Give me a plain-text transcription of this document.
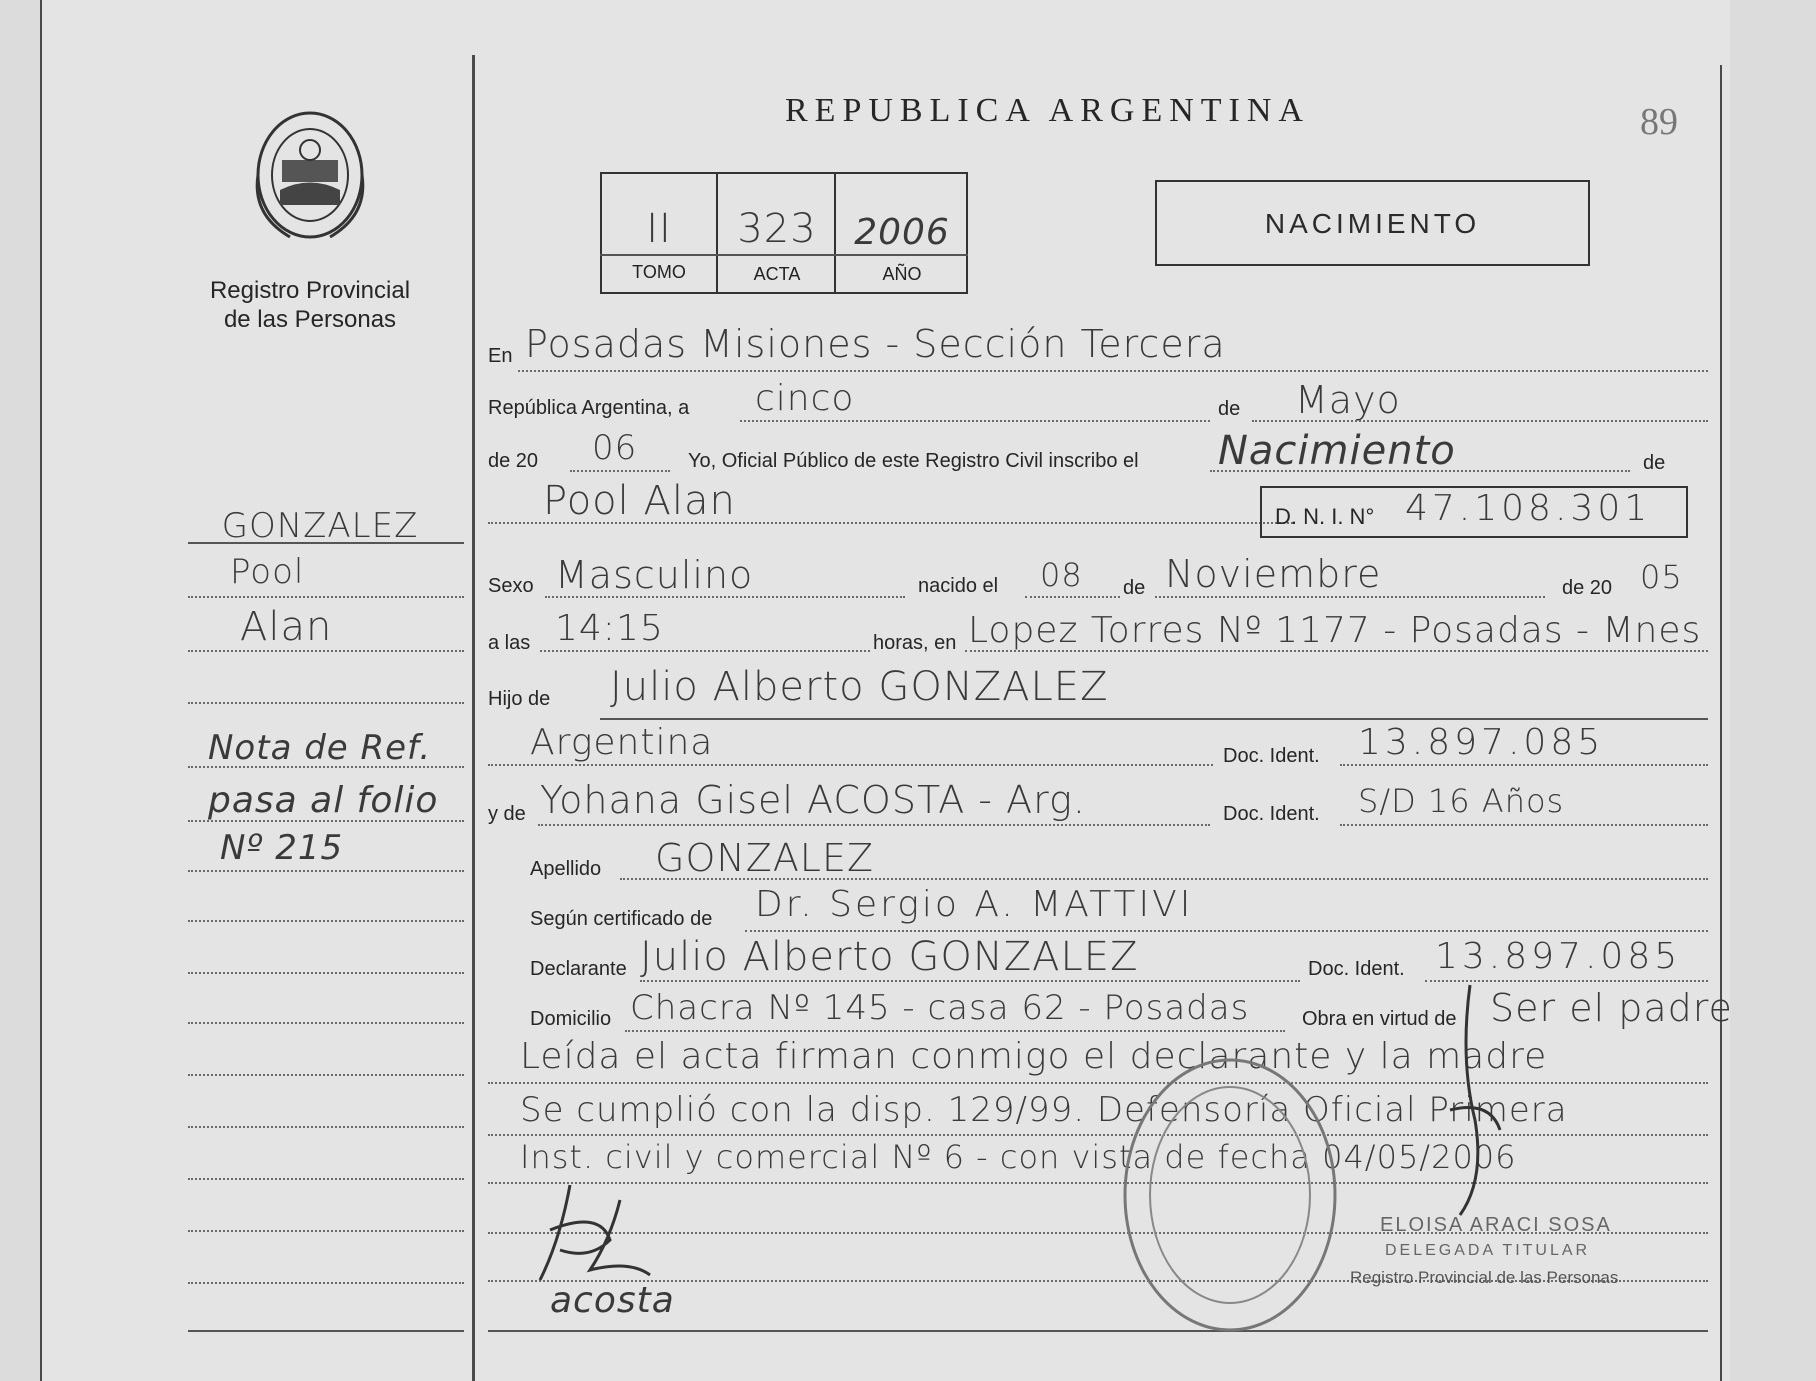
Registro Provincial
de las Personas
REPUBLICA ARGENTINA	89
II	323	2006
TOMO	ACTA	AÑO
NACIMIENTO
En Posadas Misiones - Sección Tercera
República Argentina, a cinco	de Mayo
de 20 06	Yo, Oficial Público de este Registro Civil inscribo el Nacimiento	de
Pool Alan	D. N. I. N° 47.108.301
Sexo Masculino	nacido el 08 de Noviembre	de 20 05
a las 14:15	horas, en Lopez Torres Nº 1177 - Posadas - Mnes
Hijo de Julio Alberto GONZALEZ
Argentina	Doc. Ident. 13.897.085
y de Yohana Gisel ACOSTA - Arg.	Doc. Ident. S/D 16 Años
Apellido GONZALEZ
Según certificado de Dr. Sergio A. MATTIVI
Declarante Julio Alberto GONZALEZ	Doc. Ident. 13.897.085
Domicilio Chacra Nº 145 - casa 62 - Posadas	Obra en virtud de Ser el padre
Leída el acta firman conmigo el declarante y la madre
Se cumplió con la disp. 129/99. Defensoría Oficial Primera
Inst. civil y comercial Nº 6 - con vista de fecha 04/05/2006
acosta
ELOISA ARACI SOSA
DELEGADA TITULAR
Registro Provincial de las Personas
GONZALEZ
Pool
Alan
Nota de Ref.
pasa al folio
Nº 215
